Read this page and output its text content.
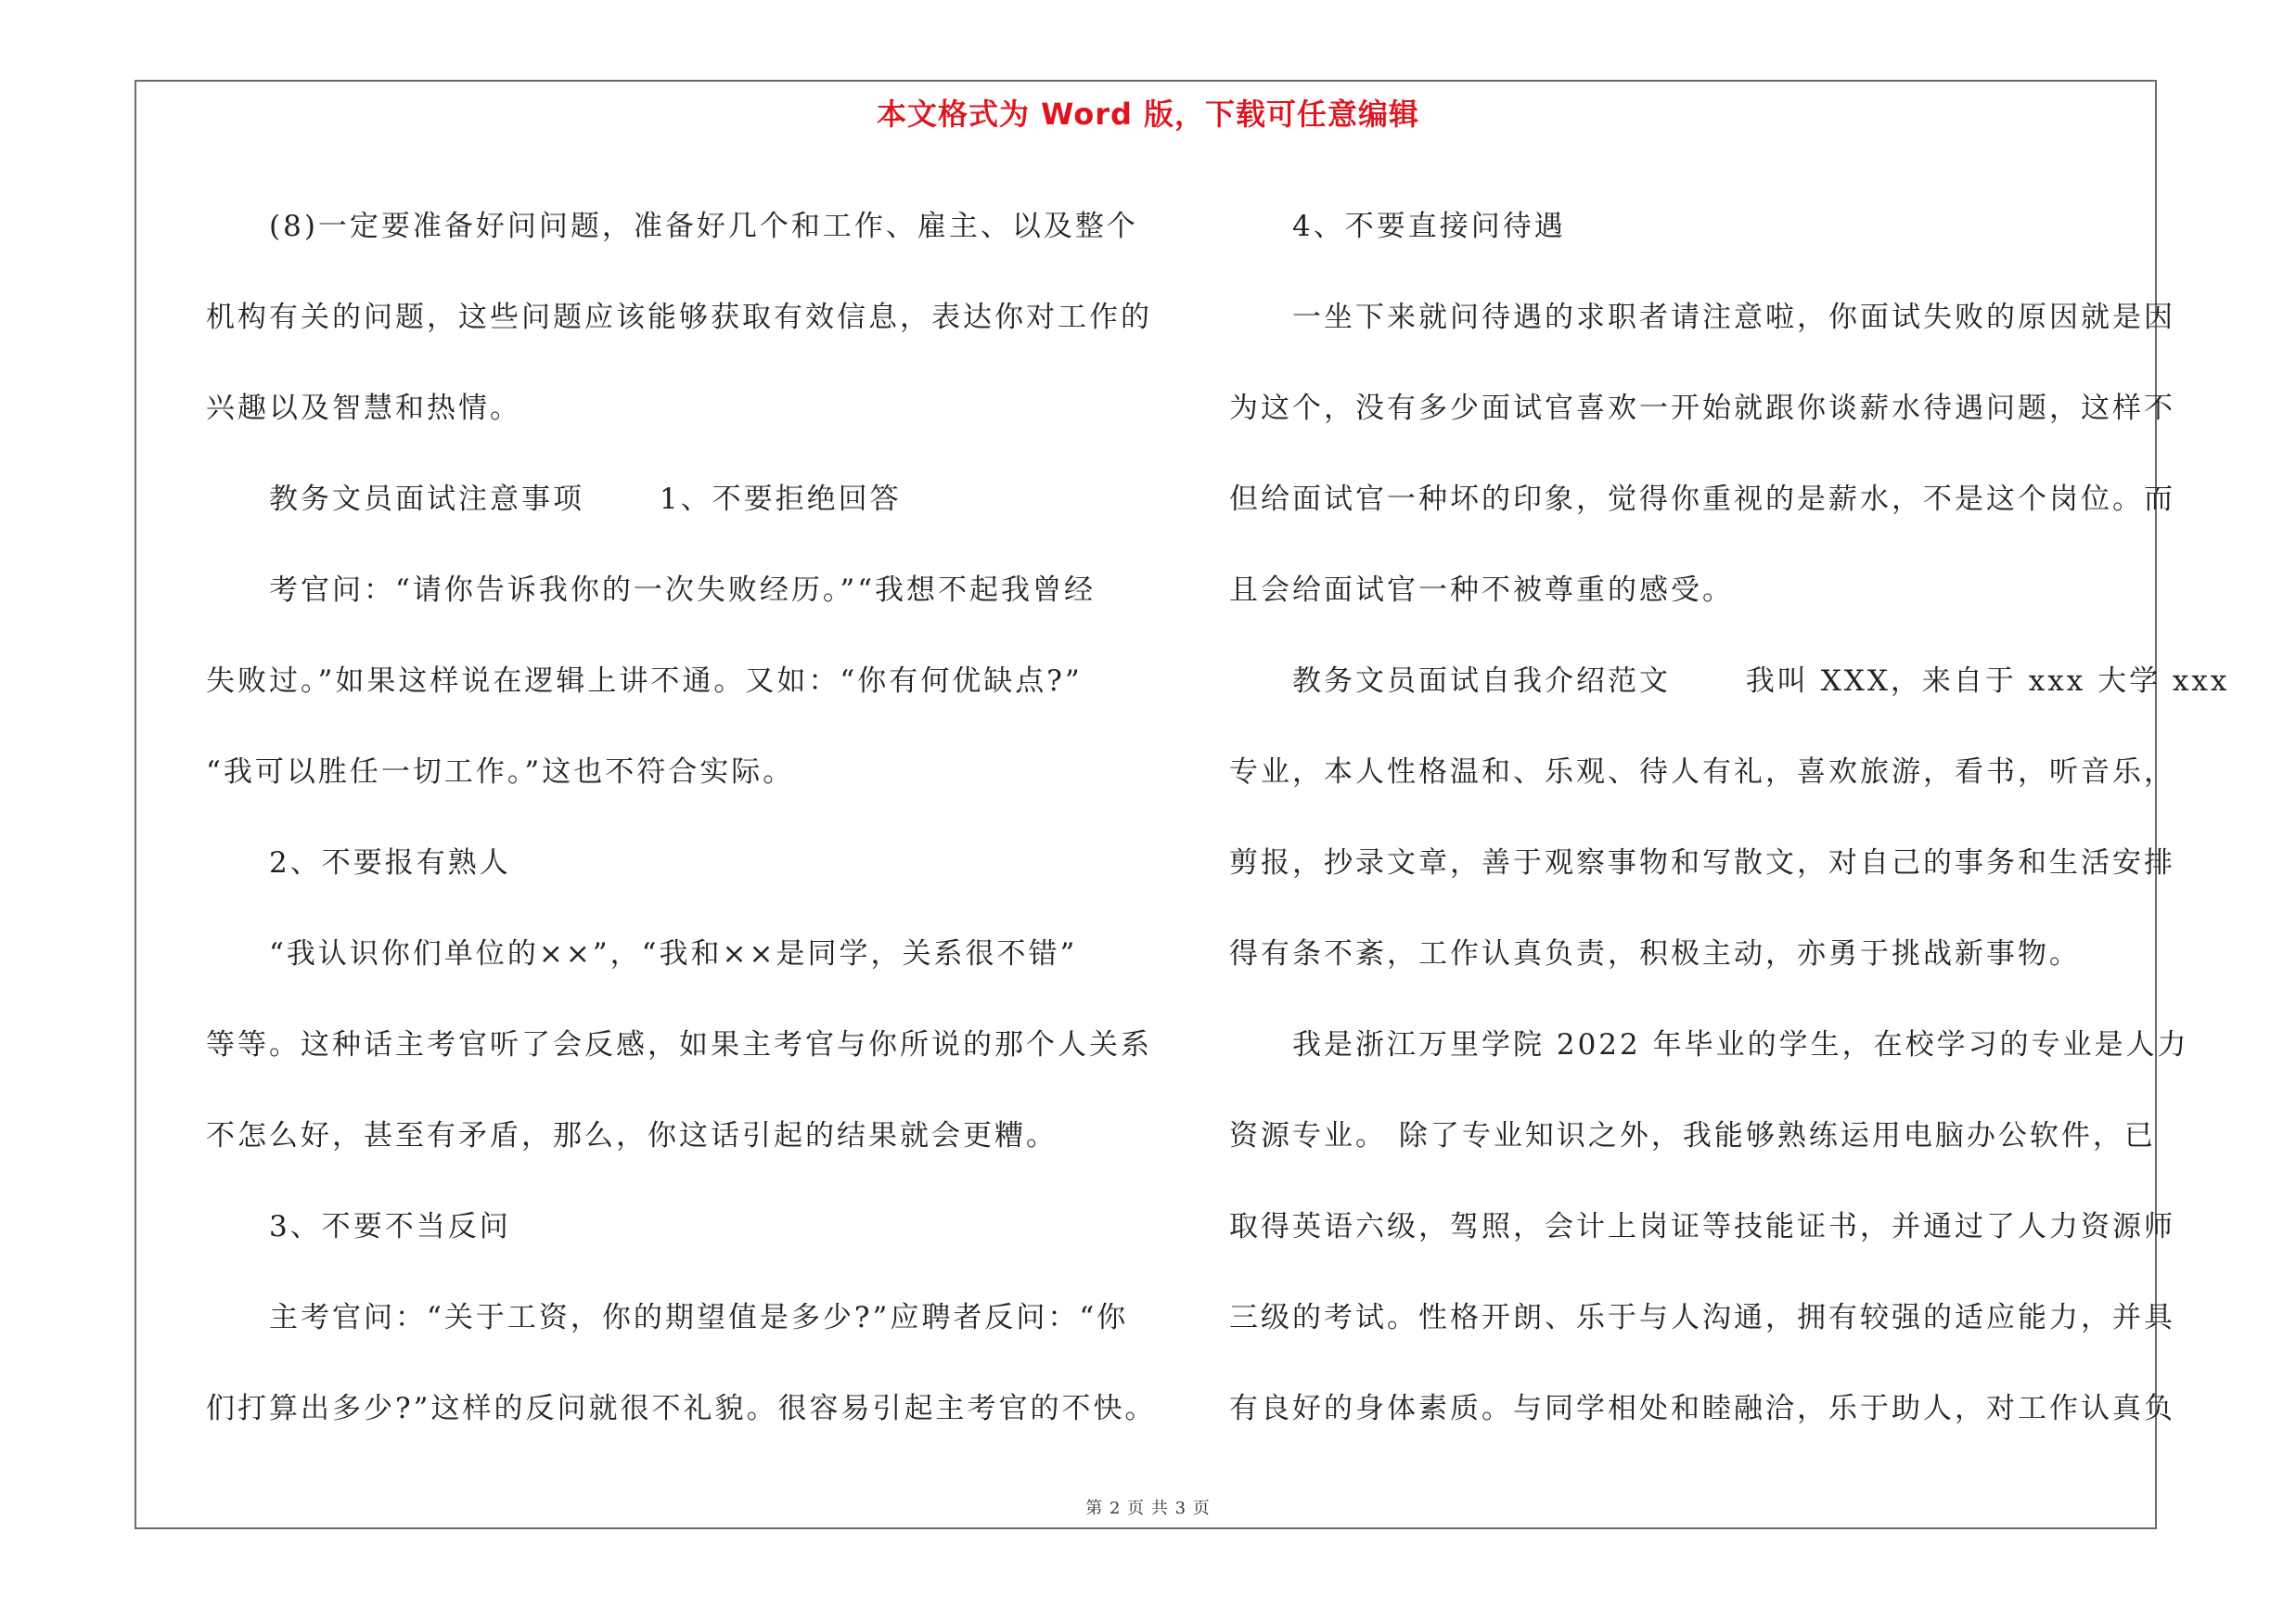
本文格式为 Word 版，下载可任意编辑
　　(8)一定要准备好问问题，准备好几个和工作、雇主、以及整个
机构有关的问题，这些问题应该能够获取有效信息，表达你对工作的
兴趣以及智慧和热情。
　　教务文员面试注意事项　　 1、不要拒绝回答
　　考官问：“请你告诉我你的一次失败经历。”“我想不起我曾经
失败过。”如果这样说在逻辑上讲不通。又如：“你有何优缺点?”
“我可以胜任一切工作。”这也不符合实际。
　　2、不要报有熟人
　　“我认识你们单位的××”，“我和××是同学，关系很不错”
等等。这种话主考官听了会反感，如果主考官与你所说的那个人关系
不怎么好，甚至有矛盾，那么，你这话引起的结果就会更糟。
　　3、不要不当反问
　　主考官问：“关于工资，你的期望值是多少?”应聘者反问：“你
们打算出多少?”这样的反问就很不礼貌。很容易引起主考官的不快。
　　4、不要直接问待遇
　　一坐下来就问待遇的求职者请注意啦，你面试失败的原因就是因
为这个，没有多少面试官喜欢一开始就跟你谈薪水待遇问题，这样不
但给面试官一种坏的印象，觉得你重视的是薪水，不是这个岗位。而
且会给面试官一种不被尊重的感受。
　　教务文员面试自我介绍范文　　 我叫 XXX，来自于 xxx 大学 xxx
专业，本人性格温和、乐观、待人有礼，喜欢旅游，看书，听音乐，
剪报，抄录文章，善于观察事物和写散文，对自己的事务和生活安排
得有条不紊，工作认真负责，积极主动，亦勇于挑战新事物。
　　我是浙江万里学院 2022 年毕业的学生，在校学习的专业是人力
资源专业。 除了专业知识之外，我能够熟练运用电脑办公软件，已
取得英语六级，驾照，会计上岗证等技能证书，并通过了人力资源师
三级的考试。性格开朗、乐于与人沟通，拥有较强的适应能力，并具
有良好的身体素质。与同学相处和睦融洽，乐于助人，对工作认真负
第 2 页 共 3 页
